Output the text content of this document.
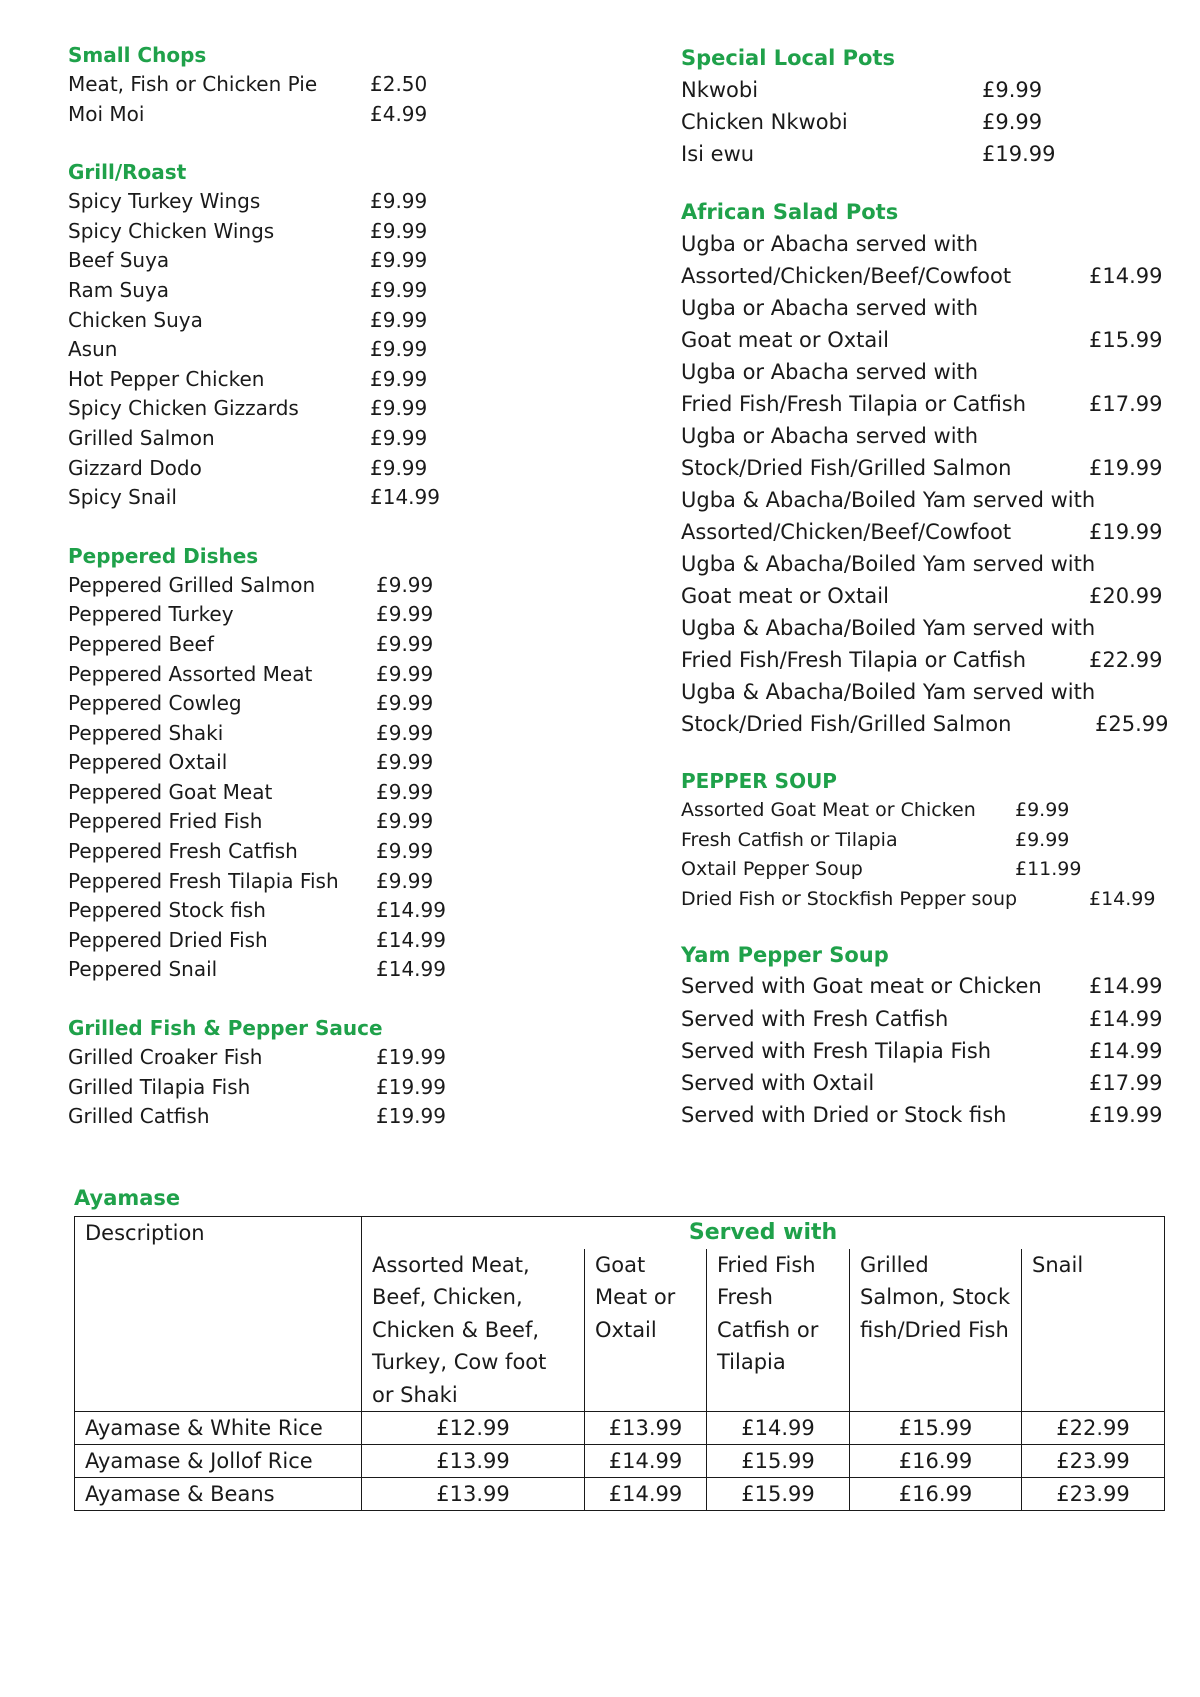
Small Chops
Meat, Fish or Chicken Pie	£2.50
Moi Moi	£4.99
Grill/Roast
Spicy Turkey Wings	£9.99
Spicy Chicken Wings	£9.99
Beef Suya	£9.99
Ram Suya	£9.99
Chicken Suya	£9.99
Asun	£9.99
Hot Pepper Chicken	£9.99
Spicy Chicken Gizzards	£9.99
Grilled Salmon	£9.99
Gizzard Dodo	£9.99
Spicy Snail	£14.99
Peppered Dishes
Peppered Grilled Salmon	£9.99
Peppered Turkey	£9.99
Peppered Beef	£9.99
Peppered Assorted Meat	£9.99
Peppered Cowleg	£9.99
Peppered Shaki	£9.99
Peppered Oxtail	£9.99
Peppered Goat Meat	£9.99
Peppered Fried Fish	£9.99
Peppered Fresh Catfish	£9.99
Peppered Fresh Tilapia Fish	£9.99
Peppered Stock fish	£14.99
Peppered Dried Fish	£14.99
Peppered Snail	£14.99
Grilled Fish & Pepper Sauce
Grilled Croaker Fish	£19.99
Grilled Tilapia Fish	£19.99
Grilled Catfish	£19.99
Special Local Pots
Nkwobi	£9.99
Chicken Nkwobi	£9.99
Isi ewu	£19.99
African Salad Pots
Ugba or Abacha served with
Assorted/Chicken/Beef/Cowfoot	£14.99
Ugba or Abacha served with
Goat meat or Oxtail	£15.99
Ugba or Abacha served with
Fried Fish/Fresh Tilapia or Catfish	£17.99
Ugba or Abacha served with
Stock/Dried Fish/Grilled Salmon	£19.99
Ugba & Abacha/Boiled Yam served with
Assorted/Chicken/Beef/Cowfoot	£19.99
Ugba & Abacha/Boiled Yam served with
Goat meat or Oxtail	£20.99
Ugba & Abacha/Boiled Yam served with
Fried Fish/Fresh Tilapia or Catfish	£22.99
Ugba & Abacha/Boiled Yam served with
Stock/Dried Fish/Grilled Salmon	£25.99
PEPPER SOUP
Assorted Goat Meat or Chicken	£9.99
Fresh Catfish or Tilapia	£9.99
Oxtail Pepper Soup	£11.99
Dried Fish or Stockfish Pepper soup	£14.99
Yam Pepper Soup
Served with Goat meat or Chicken	£14.99
Served with Fresh Catfish	£14.99
Served with Fresh Tilapia Fish	£14.99
Served with Oxtail	£17.99
Served with Dried or Stock fish	£19.99
Ayamase
Description	Served with				
	Assorted Meat, Beef, Chicken, Chicken & Beef, Turkey, Cow foot or Shaki	Goat Meat or Oxtail	Fried Fish Fresh Catfish or Tilapia	Grilled Salmon, Stock fish/Dried Fish	Snail
Ayamase & White Rice	£12.99	£13.99	£14.99	£15.99	£22.99
Ayamase & Jollof Rice	£13.99	£14.99	£15.99	£16.99	£23.99
Ayamase & Beans	£13.99	£14.99	£15.99	£16.99	£23.99
